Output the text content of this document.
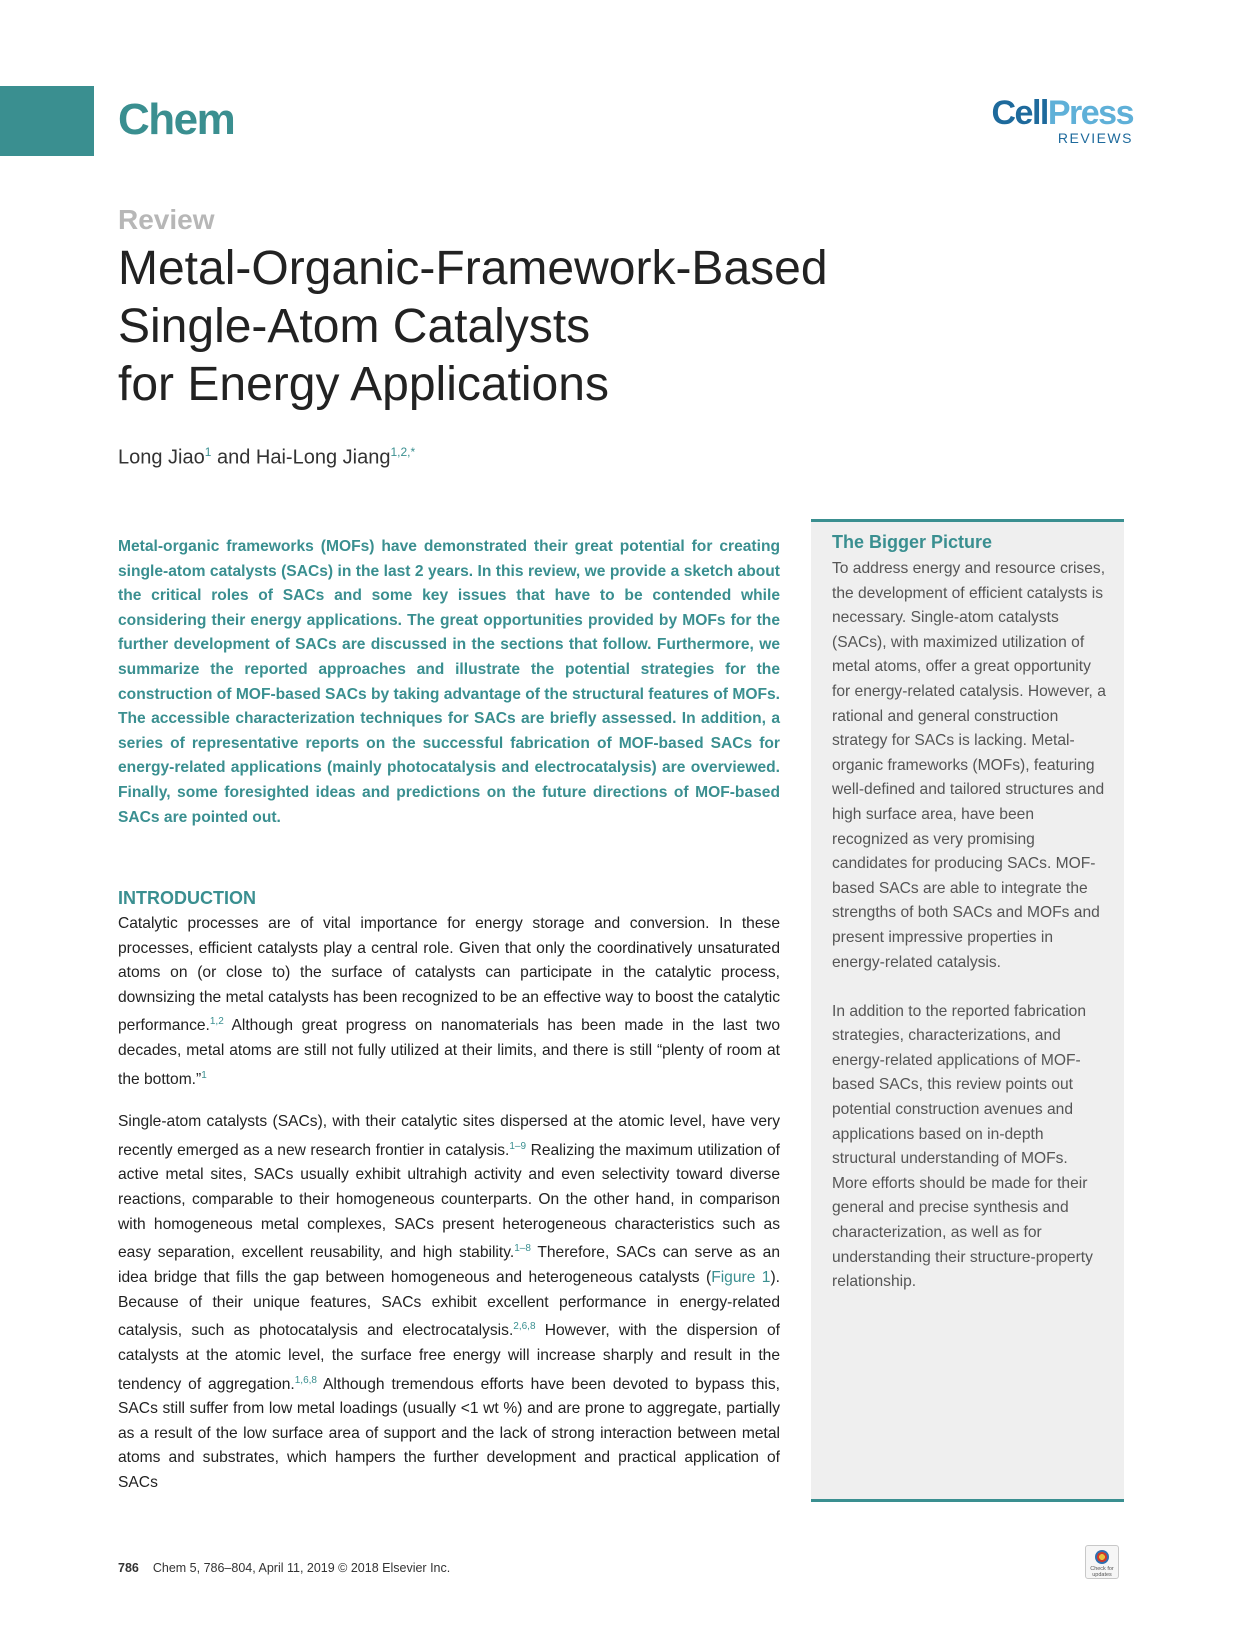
Chem	CellPress
REVIEWS
Review
Metal-Organic-Framework-Based
Single-Atom Catalysts
for Energy Applications
Long Jiao$^1$ and Hai-Long Jiang$^{1,2,*}$
Metal-organic frameworks (MOFs) have demonstrated their great potential for creating single-atom catalysts (SACs) in the last 2 years. In this review, we provide a sketch about the critical roles of SACs and some key issues that have to be contended while considering their energy applications. The great opportunities provided by MOFs for the further development of SACs are discussed in the sections that follow. Furthermore, we summarize the reported approaches and illustrate the potential strategies for the construction of MOF-based SACs by taking advantage of the structural features of MOFs. The accessible characterization techniques for SACs are briefly assessed. In addition, a series of representative reports on the successful fabrication of MOF-based SACs for energy-related applications (mainly photocatalysis and electrocatalysis) are overviewed. Finally, some foresighted ideas and predictions on the future directions of MOF-based SACs are pointed out.
INTRODUCTION

Catalytic processes are of vital importance for energy storage and conversion. In these processes, efficient catalysts play a central role. Given that only the coordinatively unsaturated atoms on (or close to) the surface of catalysts can participate in the catalytic process, downsizing the metal catalysts has been recognized to be an effective way to boost the catalytic performance.$^{1,2}$ Although great progress on nanomaterials has been made in the last two decades, metal atoms are still not fully utilized at their limits, and there is still “plenty of room at the bottom.”$^1$

Single-atom catalysts (SACs), with their catalytic sites dispersed at the atomic level, have very recently emerged as a new research frontier in catalysis.$^{1-9}$ Realizing the maximum utilization of active metal sites, SACs usually exhibit ultrahigh activity and even selectivity toward diverse reactions, comparable to their homogeneous counterparts. On the other hand, in comparison with homogeneous metal complexes, SACs present heterogeneous characteristics such as easy separation, excellent reusability, and high stability.$^{1-8}$ Therefore, SACs can serve as an idea bridge that fills the gap between homogeneous and heterogeneous catalysts (Figure 1). Because of their unique features, SACs exhibit excellent performance in energy-related catalysis, such as photocatalysis and electrocatalysis.$^{2,6,8}$ However, with the dispersion of catalysts at the atomic level, the surface free energy will increase sharply and result in the tendency of aggregation.$^{1,6,8}$ Although tremendous efforts have been devoted to bypass this, SACs still suffer from low metal loadings (usually <1 wt %) and are prone to aggregate, partially as a result of the low surface area of support and the lack of strong interaction between metal atoms and substrates, which hampers the further development and practical application of SACs

The Bigger Picture

To address energy and resource crises, the development of efficient catalysts is necessary. Single-atom catalysts (SACs), with maximized utilization of metal atoms, offer a great opportunity for energy-related catalysis. However, a rational and general construction strategy for SACs is lacking. Metal-organic frameworks (MOFs), featuring well-defined and tailored structures and high surface area, have been recognized as very promising candidates for producing SACs. MOF-based SACs are able to integrate the strengths of both SACs and MOFs and present impressive properties in energy-related catalysis.

In addition to the reported fabrication strategies, characterizations, and energy-related applications of MOF-based SACs, this review points out potential construction avenues and applications based on in-depth structural understanding of MOFs. More efforts should be made for their general and precise synthesis and characterization, as well as for understanding their structure-property relationship.

786 Chem 5, 786–804, April 11, 2019 © 2018 Elsevier Inc.	Check for updates
